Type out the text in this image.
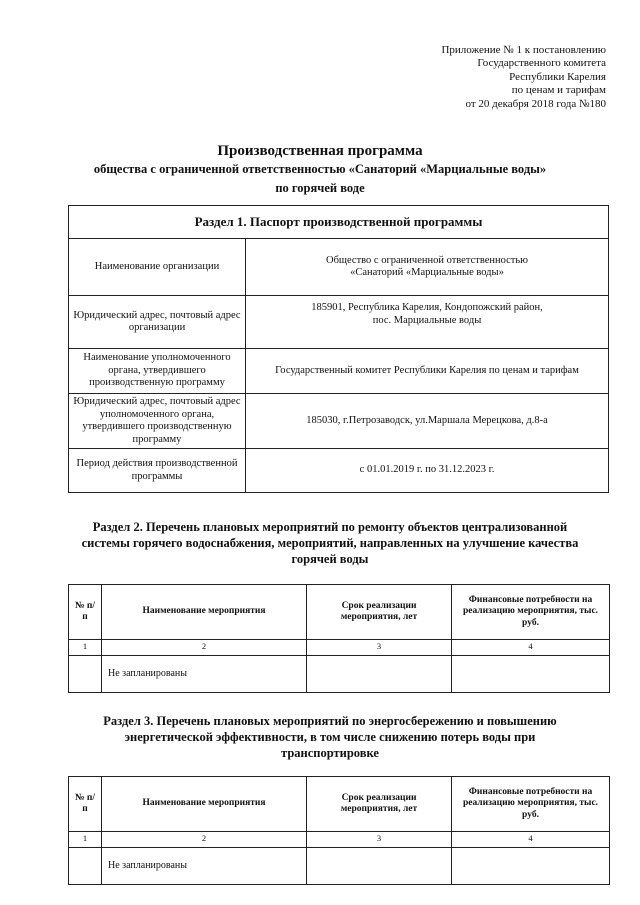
Приложение № 1 к постановлению
Государственного комитета
Республики Карелия
по ценам и тарифам
от 20 декабря 2018 года №180
Производственная программа
общества с ограниченной ответственностью «Санаторий «Марциальные воды»
по горячей воде
Раздел 1. Паспорт производственной программы	
Наименование организации	Общество с ограниченной ответственностью
«Санаторий «Марциальные воды»

Юридический адрес, почтовый адрес организации	185901, Республика Карелия, Кондопожский район,
пос. Марциальные воды

Наименование уполномоченного органа, утвердившего производственную программу	Государственный комитет Республики Карелия по ценам и тарифам

Юридический адрес, почтовый адрес уполномоченного органа, утвердившего производственную программу	185030, г.Петрозаводск, ул.Маршала Мерецкова, д.8-а

Период действия производственной программы	с 01.01.2019 г. по 31.12.2023 г.
Раздел 2. Перечень плановых мероприятий по ремонту объектов централизованной
системы горячего водоснабжения, мероприятий, направленных на улучшение качества
горячей воды
№ п/п	Наименование мероприятия	Срок реализации мероприятия, лет	Финансовые потребности на реализацию мероприятия, тыс. руб.
1	2	3	4
	Не запланированы		
Раздел 3. Перечень плановых мероприятий по энергосбережению и повышению
энергетической эффективности, в том числе снижению потерь воды при
транспортировке
№ п/п	Наименование мероприятия	Срок реализации мероприятия, лет	Финансовые потребности на реализацию мероприятия, тыс. руб.
1	2	3	4
	Не запланированы		
